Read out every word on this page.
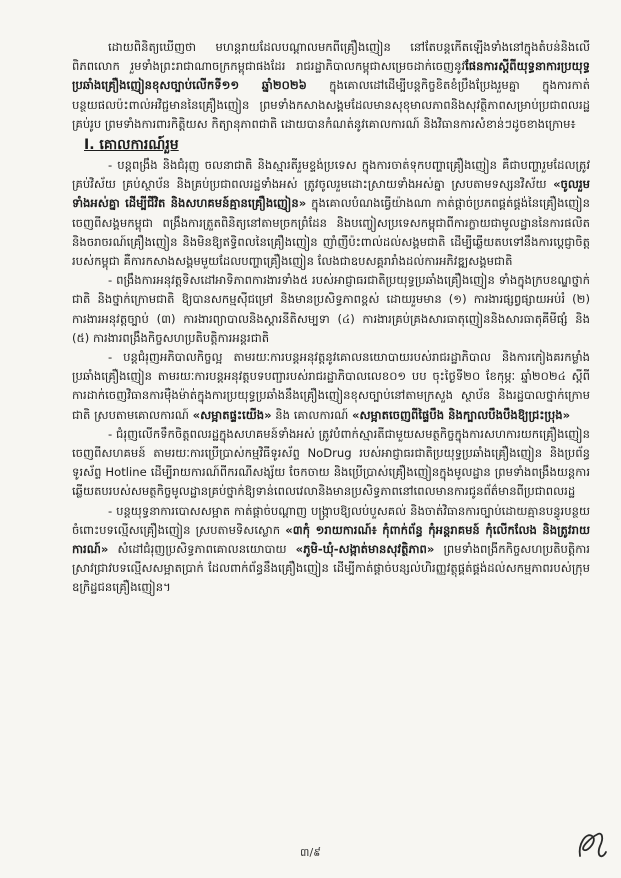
ដោយពិនិត្យឃើញថា មហន្តរាយដែលបណ្ដាលមកពីគ្រឿងញៀន នៅតែបន្តកើតឡើងទាំងនៅក្នុងតំបន់និងលើពិភពលោក រួមទាំងព្រះរាជាណាចក្រកម្ពុជាផងដែរ រាជរដ្ឋាភិបាលកម្ពុជាសម្រេចដាក់ចេញនូវផែនការស្ដីពីយុទ្ធនាការប្រយុទ្ធប្រឆាំងគ្រឿងញៀនខុសច្បាប់លើកទី១១ ឆ្នាំ២០២៦ ក្នុងគោលដៅដើម្បីបន្តកិច្ចខិតខំប្រឹងប្រែងរួមគ្នា ក្នុងការកាត់បន្ថយផលប៉ះពាល់អវិជ្ជមាននៃគ្រឿងញៀន ព្រមទាំងកសាងសង្គមដែលមានសុខុមាលភាពនិងសុវត្ថិភាពសម្រាប់ប្រជាពលរដ្ឋគ្រប់រូប ព្រមទាំងការពារកិត្តិយស កិត្យានុភាពជាតិ ដោយបានកំណត់នូវគោលការណ៍ និងវិធានការសំខាន់ៗដូចខាងក្រោម៖

I. គោលការណ៍រួម

- បន្តពង្រឹង និងជំរុញ ចលនាជាតិ និងស្មារតីរួមខ្ទង់ប្រទេស ក្នុងការចាត់ទុកបញ្ហាគ្រឿងញៀន គឺជាបញ្ហារួមដែលត្រូវគ្រប់វិស័យ គ្រប់ស្ថាប័ន និងគ្រប់ប្រជាពលរដ្ឋទាំងអស់ ត្រូវចូលរួមដោះស្រាយទាំងអស់គ្នា ស្របតាមទស្សនវិស័យ «ចូលរួមទាំងអស់គ្នា ដើម្បីជីវិត និងសហគមន៍គ្មានគ្រឿងញៀន» ក្នុងគោលបំណងធ្វើយ៉ាងណា កាត់ផ្ដាច់ប្រភពផ្គត់ផ្គង់នៃគ្រឿងញៀនចេញពីសង្គមកម្ពុជា ពង្រឹងការត្រួតពិនិត្យនៅតាមច្រកព្រំដែន និងបញ្ចៀសប្រទេសកម្ពុជាពីការក្លាយជាមូលដ្ឋាននៃការផលិត និងចរាចរណ៍គ្រឿងញៀន និងមិនឱ្យឥទ្ធិពលនៃគ្រឿងញៀន ញាំញីប៉ះពាល់ដល់សង្គមជាតិ ដើម្បីឆ្លើយតបទៅនឹងការប្ដេជ្ញាចិត្តរបស់កម្ពុជា គឺការកសាងសង្គមមួយដែលបញ្ហាគ្រឿងញៀន លែងជាឧបសគ្គរារាំងដល់ការអភិវឌ្ឍសង្គមជាតិ

- ពង្រឹងការអនុវត្តទិសដៅអាទិភាពការងារទាំង៥ របស់អាជ្ញាធរជាតិប្រយុទ្ធប្រឆាំងគ្រឿងញៀន ទាំងក្នុងក្របខណ្ឌថ្នាក់ជាតិ និងថ្នាក់ក្រោមជាតិ ឱ្យបានសកម្មស៊ីជម្រៅ និងមានប្រសិទ្ធភាពខ្ពស់ ដោយរួមមាន (១) ការងារផ្សព្វផ្សាយអប់រំ (២) ការងារអនុវត្តច្បាប់ (៣) ការងារព្យាបាលនិងស្ដារនីតិសម្បទា (៤) ការងារគ្រប់គ្រងសារធាតុញៀននិងសារធាតុគីមីផ្សំ និង (៥) ការងារពង្រឹងកិច្ចសហប្រតិបត្តិការអន្តរជាតិ

- បន្តជំរុញអភិបាលកិច្ចល្អ តាមរយៈការបន្តអនុវត្តនូវគោលនយោបាយរបស់រាជរដ្ឋាភិបាល និងការកៀងគរកម្លាំងប្រឆាំងគ្រឿងញៀន តាមរយៈការបន្តអនុវត្តបទបញ្ជារបស់រាជរដ្ឋាភិបាលលេខ០១ បប ចុះថ្ងៃទី២០ ខែកុម្ភៈ ឆ្នាំ២០២៤ ស្ដីពីការដាក់ចេញវិធានការម៉ឺងម៉ាត់ក្នុងការប្រយុទ្ធប្រឆាំងនឹងគ្រឿងញៀនខុសច្បាប់នៅតាមក្រសួង ស្ថាប័ន និងរដ្ឋបាលថ្នាក់ក្រោមជាតិ ស្របតាមគោលការណ៍ «សម្អាតផ្ទះយើង» និង គោលការណ៍ «សម្អាតចេញពីផ្ទៃបឹង និងក្បាលបឹងបឹងឱ្យជ្រះប្រុង»

- ជំរុញលើកទឹកចិត្តពលរដ្ឋក្នុងសហគមន៍ទាំងអស់ ត្រូវបំពាក់ស្មារតីជាមួយសមត្ថកិច្ចក្នុងការសហការយកគ្រឿងញៀនចេញពីសហគមន៍ តាមរយៈការប្រើប្រាស់កម្មវិធីទូរស័ព្ទ NoDrug របស់អាជ្ញាធរជាតិប្រយុទ្ធប្រឆាំងគ្រឿងញៀន និងប្រព័ន្ធទូរស័ព្ទ Hotline ដើម្បីរាយការណ៍ពីករណីសង្ស័យ ចែកចាយ និងប្រើប្រាស់គ្រឿងញៀនក្នុងមូលដ្ឋាន ព្រមទាំងពង្រឹងយន្តការឆ្លើយតបរបស់សមត្ថកិច្ចមូលដ្ឋានគ្រប់ថ្នាក់ឱ្យទាន់ពេលវេលានិងមានប្រសិទ្ធភាពនៅពេលមានការជូនព័ត៌មានពីប្រជាពលរដ្ឋ

- បន្តយុទ្ធនាការបោសសម្អាត កាត់ផ្ដាច់បណ្ដាញ បង្ក្រាបឱ្យលប់បួសគល់ និងចាត់វិធានការច្បាប់ដោយគ្មានបន្ធូរបន្ថយចំពោះបទល្មើសគ្រឿងញៀន ស្របតាមទិសស្លោក «៣កុំ ១រាយការណ៍៖ កុំពាក់ព័ន្ធ កុំអន្តរាគមន៍ កុំលើកលែង និងត្រូវរាយការណ៍» សំដៅជំរុញប្រសិទ្ធភាពគោលនយោបាយ «ភូមិ-ឃុំ-សង្កាត់មានសុវត្ថិភាព» ព្រមទាំងពង្រីកកិច្ចសហប្រតិបត្តិការស្រាវជ្រាវបទល្មើសសម្អាតប្រាក់ ដែលពាក់ព័ន្ធនឹងគ្រឿងញៀន ដើម្បីកាត់ផ្ដាច់បន្សល់ហិរញ្ញវត្ថុផ្គត់ផ្គង់ដល់សកម្មភាពរបស់ក្រុមឧក្រិដ្ឋជនគ្រឿងញៀន។

៣/៩
